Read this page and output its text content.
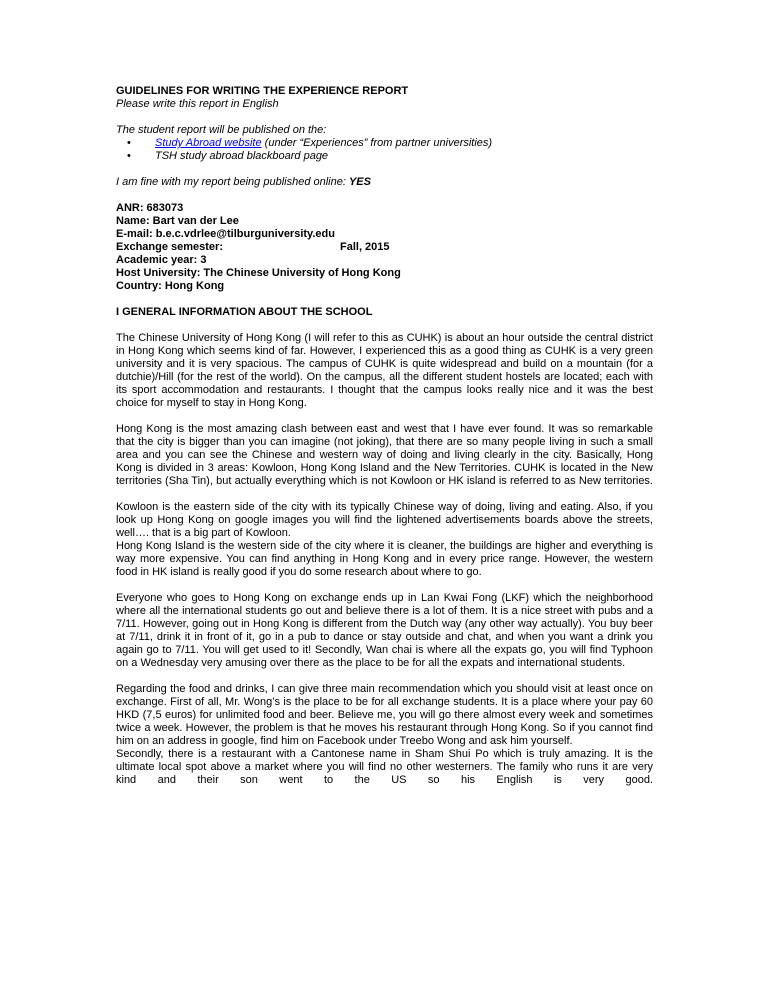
GUIDELINES FOR WRITING THE EXPERIENCE REPORT
Please write this report in English
The student report will be published on the:
• Study Abroad website (under “Experiences” from partner universities)
• TSH study abroad blackboard page
I am fine with my report being published online: YES
ANR: 683073
Name: Bart van der Lee
E-mail: b.e.c.vdrlee@tilburguniversity.edu
Exchange semester:	Fall, 2015
Academic year: 3
Host University: The Chinese University of Hong Kong
Country: Hong Kong
I GENERAL INFORMATION ABOUT THE SCHOOL
The Chinese University of Hong Kong (I will refer to this as CUHK) is about an hour outside the central district in Hong Kong which seems kind of far. However, I experienced this as a good thing as CUHK is a very green university and it is very spacious. The campus of CUHK is quite widespread and build on a mountain (for a dutchie)/Hill (for the rest of the world). On the campus, all the different student hostels are located; each with its sport accommodation and restaurants. I thought that the campus looks really nice and it was the best choice for myself to stay in Hong Kong.
Hong Kong is the most amazing clash between east and west that I have ever found. It was so remarkable that the city is bigger than you can imagine (not joking), that there are so many people living in such a small area and you can see the Chinese and western way of doing and living clearly in the city. Basically, Hong Kong is divided in 3 areas: Kowloon, Hong Kong Island and the New Territories. CUHK is located in the New territories (Sha Tin), but actually everything which is not Kowloon or HK island is referred to as New territories.
Kowloon is the eastern side of the city with its typically Chinese way of doing, living and eating. Also, if you look up Hong Kong on google images you will find the lightened advertisements boards above the streets, well…. that is a big part of Kowloon.
Hong Kong Island is the western side of the city where it is cleaner, the buildings are higher and everything is way more expensive. You can find anything in Hong Kong and in every price range. However, the western food in HK island is really good if you do some research about where to go.
Everyone who goes to Hong Kong on exchange ends up in Lan Kwai Fong (LKF) which the neighborhood where all the international students go out and believe there is a lot of them. It is a nice street with pubs and a 7/11. However, going out in Hong Kong is different from the Dutch way (any other way actually). You buy beer at 7/11, drink it in front of it, go in a pub to dance or stay outside and chat, and when you want a drink you again go to 7/11. You will get used to it! Secondly, Wan chai is where all the expats go, you will find Typhoon on a Wednesday very amusing over there as the place to be for all the expats and international students.
Regarding the food and drinks, I can give three main recommendation which you should visit at least once on exchange. First of all, Mr. Wong’s is the place to be for all exchange students. It is a place where your pay 60 HKD (7,5 euros) for unlimited food and beer. Believe me, you will go there almost every week and sometimes twice a week. However, the problem is that he moves his restaurant through Hong Kong. So if you cannot find him on an address in google, find him on Facebook under Treebo Wong and ask him yourself.
Secondly, there is a restaurant with a Cantonese name in Sham Shui Po which is truly amazing. It is the ultimate local spot above a market where you will find no other westerners. The family who runs it are very kind and their son went to the US so his English is very good.
